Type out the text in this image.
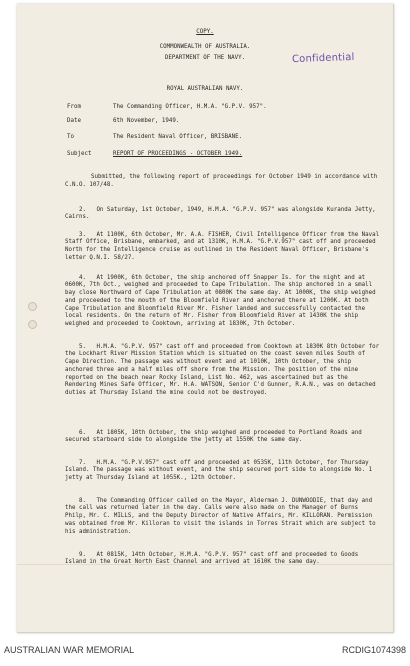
COPY.
COMMONWEALTH OF AUSTRALIA.
DEPARTMENT OF THE NAVY.	Confidential
ROYAL AUSTRALIAN NAVY.
From	The Commanding Officer, H.M.A. "G.P.V. 957".
Date	6th November, 1949.
To	The Resident Naval Officer, BRISBANE.
Subject	REPORT OF PROCEEDINGS - OCTOBER 1949.
Submitted, the following report of proceedings for October 1949 in accordance with C.N.O. 107/48.

2. On Saturday, 1st October, 1949, H.M.A. "G.P.V. 957" was alongside Kuranda Jetty, Cairns.

3. At 1100K, 6th October, Mr. A.A. FISHER, Civil Intelligence Officer from the Naval Staff Office, Brisbane, embarked, and at 1310K, H.M.A. "G.P.V.957" cast off and proceeded North for the Intelligence cruise as outlined in the Resident Naval Officer, Brisbane's letter Q.N.I. 58/27.

4. At 1900K, 6th October, the ship anchored off Snapper Is. for the night and at 0600K, 7th Oct., weighed and proceeded to Cape Tribulation. The ship anchored in a small bay close Northward of Cape Tribulation at 0800K the same day. At 1000K, the ship weighed and proceeded to the mouth of the Bloomfield River and anchored there at 1200K. At both Cape Tribulation and Bloomfield River Mr. Fisher landed and successfully contacted the local residents. On the return of Mr. Fisher from Bloomfield River at 1430K the ship weighed and proceeded to Cooktown, arriving at 1830K, 7th October.

5. H.M.A. "G.P.V. 957" cast off and proceeded from Cooktown at 1830K 8th October for the Lockhart River Mission Station which is situated on the coast seven miles South of Cape Direction. The passage was without event and at 1010K, 10th October, the ship anchored three and a half miles off shore from the Mission. The position of the mine reported on the beach near Rocky Island, List No. 462, was ascertained but as the Rendering Mines Safe Officer, Mr. H.A. WATSON, Senior C'd Gunner, R.A.N., was on detached duties at Thursday Island the mine could not be destroyed.

6. At 1805K, 10th October, the ship weighed and proceeded to Portland Roads and secured starboard side to alongside the jetty at 1550K the same day.

7. H.M.A. "G.P.V.957" cast off and proceeded at 0535K, 11th October, for Thursday Island. The passage was without event, and the ship secured port side to alongside No. 1 jetty at Thursday Island at 1055K., 12th October.

8. The Commanding Officer called on the Mayor, Alderman J. DUNWOODIE, that day and the call was returned later in the day. Calls were also made on the Manager of Burns Philp, Mr. C. MILLS, and the Deputy Director of Native Affairs, Mr. KILLORAN. Permission was obtained from Mr. Killoran to visit the islands in Torres Strait which are subject to his administration.

9. At 0815K, 14th October, H.M.A. "G.P.V. 957" cast off and proceeded to Goods Island in the Great North East Channel and arrived at 1610K the same day.

AUSTRALIAN WAR MEMORIAL	RCDIG1074398
